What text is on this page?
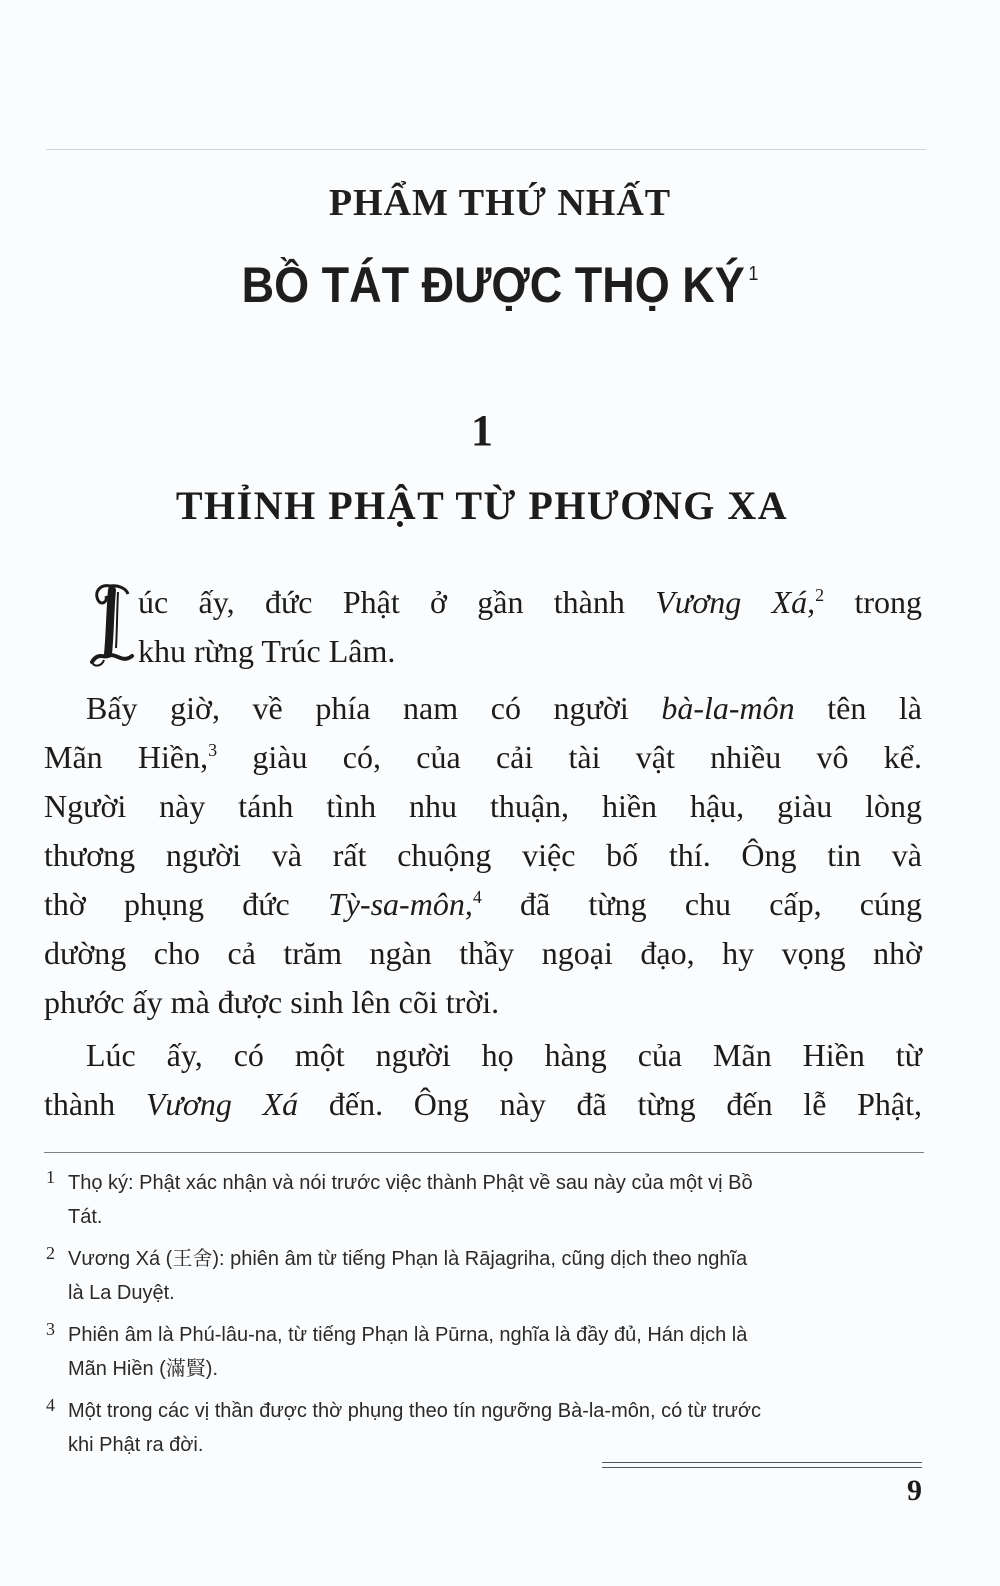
PHẨM THỨ NHẤT
BỒ TÁT ĐƯỢC THỌ KÝ $^1$
1
THỈNH PHẬT TỪ PHƯƠNG XA
úc ấy, đức Phật ở gần thành Vương Xá,$^2$ trong
khu rừng Trúc Lâm.
Bấy giờ, về phía nam có người bà-la-môn tên là
Mãn Hiền,$^3$ giàu có, của cải tài vật nhiều vô kể.
Người này tánh tình nhu thuận, hiền hậu, giàu lòng
thương người và rất chuộng việc bố thí. Ông tin và
thờ phụng đức Tỳ-sa-môn,$^4$ đã từng chu cấp, cúng
dường cho cả trăm ngàn thầy ngoại đạo, hy vọng nhờ
phước ấy mà được sinh lên cõi trời.
Lúc ấy, có một người họ hàng của Mãn Hiền từ
thành Vương Xá đến. Ông này đã từng đến lễ Phật,
1 Thọ ký: Phật xác nhận và nói trước việc thành Phật về sau này của một vị Bồ
Tát.
2 Vương Xá (王舍): phiên âm từ tiếng Phạn là Rājagriha, cũng dịch theo nghĩa
là La Duyệt.
3 Phiên âm là Phú-lâu-na, từ tiếng Phạn là Pūrna, nghĩa là đầy đủ, Hán dịch là
Mãn Hiền (滿賢).
4 Một trong các vị thần được thờ phụng theo tín ngưỡng Bà-la-môn, có từ trước
khi Phật ra đời.
9
